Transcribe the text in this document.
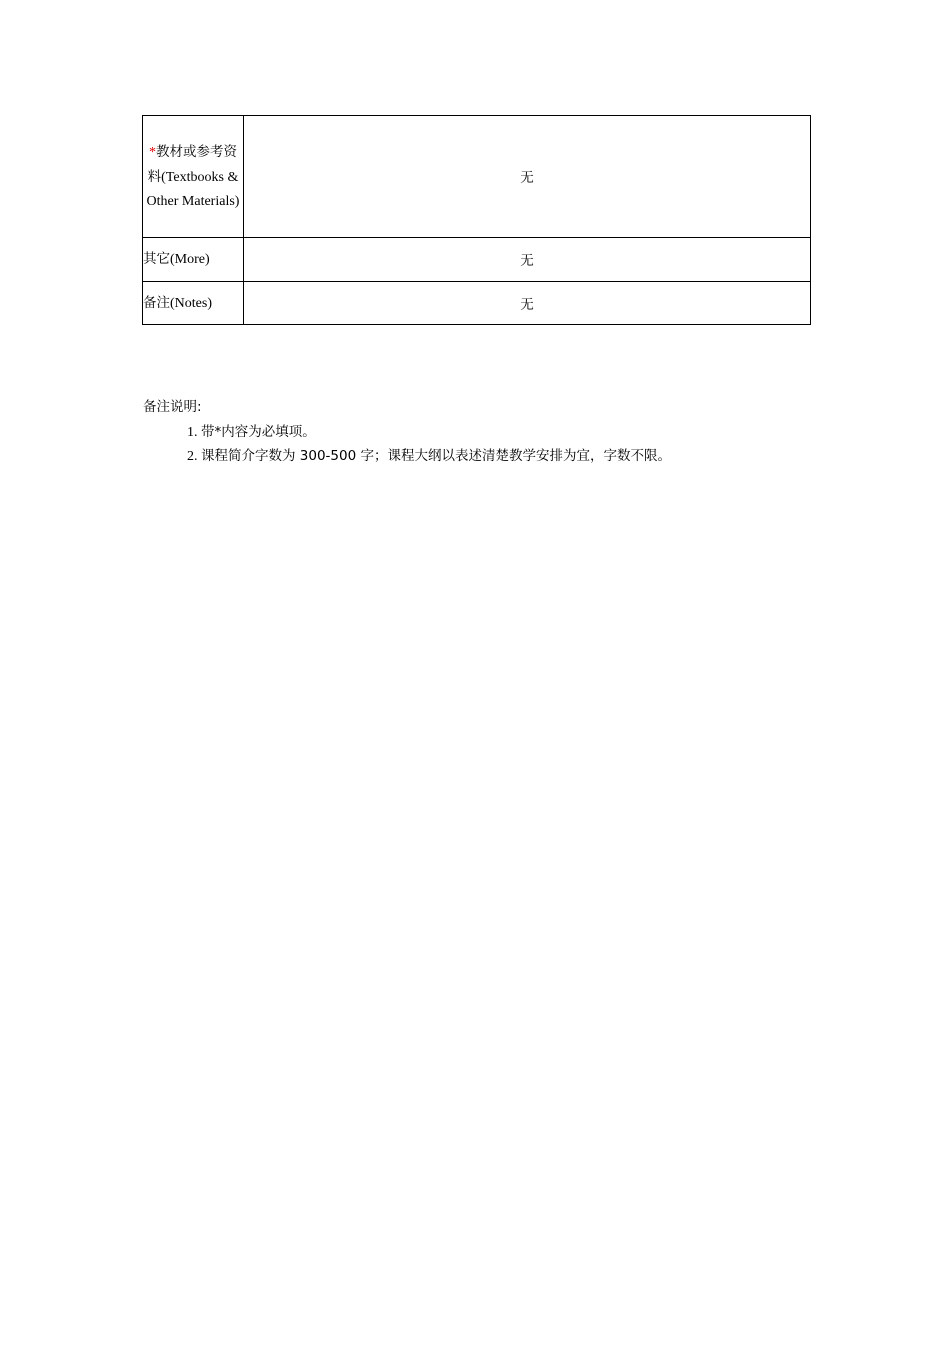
*教材或参考资料(Textbooks & Other Materials)	无
其它(More)	无
备注(Notes)	无

备注说明:

1. 带*内容为必填项。
2. 课程简介字数为 300-500 字；课程大纲以表述清楚教学安排为宜，字数不限。
